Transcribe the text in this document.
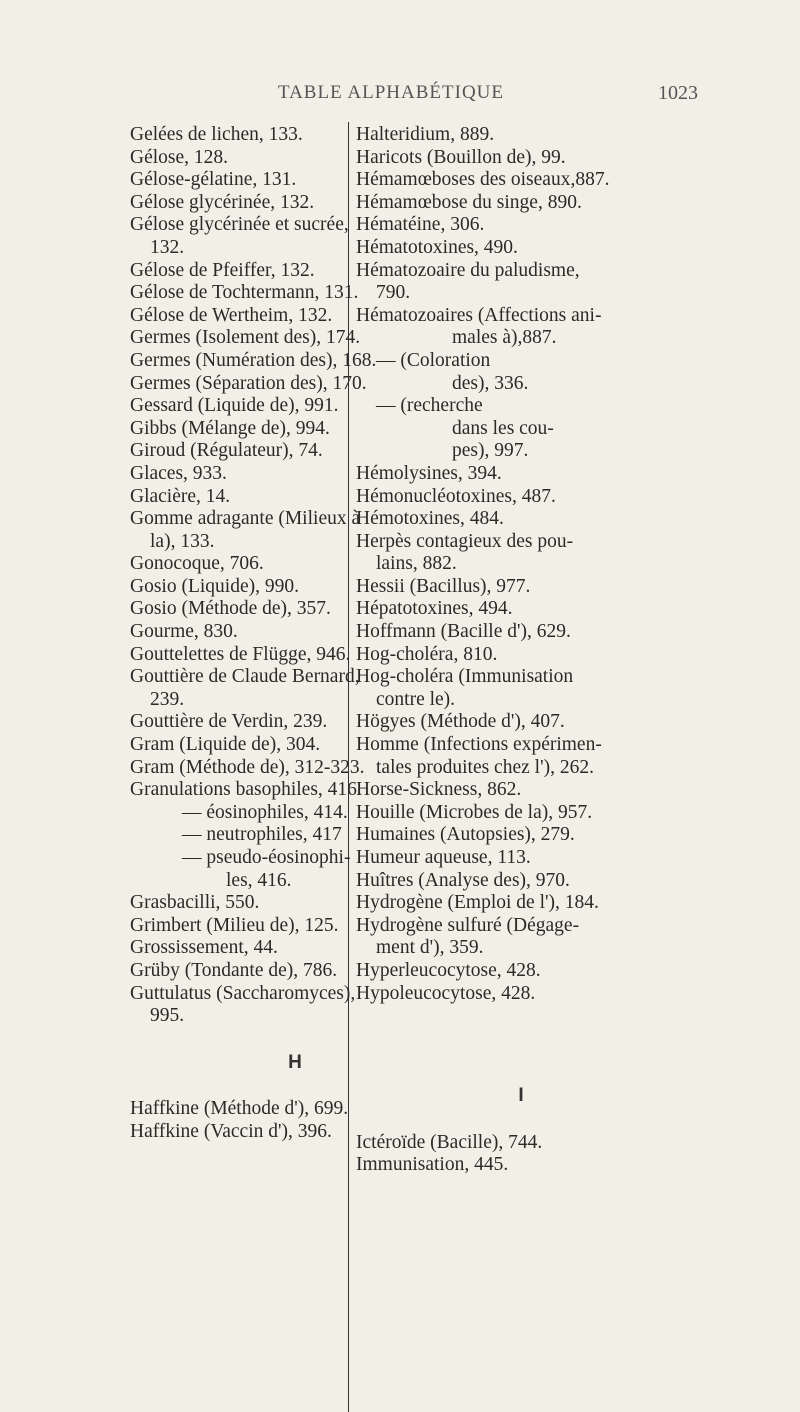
TABLE ALPHABÉTIQUE	1023
Gelées de lichen, 133.
Gélose, 128.
Gélose-gélatine, 131.
Gélose glycérinée, 132.
Gélose glycérinée et sucrée,
132.
Gélose de Pfeiffer, 132.
Gélose de Tochtermann, 131.
Gélose de Wertheim, 132.
Germes (Isolement des), 174.
Germes (Numération des), 168.
Germes (Séparation des), 170.
Gessard (Liquide de), 991.
Gibbs (Mélange de), 994.
Giroud (Régulateur), 74.
Glaces, 933.
Glacière, 14.
Gomme adragante (Milieux à
la), 133.
Gonocoque, 706.
Gosio (Liquide), 990.
Gosio (Méthode de), 357.
Gourme, 830.
Gouttelettes de Flügge, 946.
Gouttière de Claude Bernard,
239.
Gouttière de Verdin, 239.
Gram (Liquide de), 304.
Gram (Méthode de), 312-323.
Granulations basophiles, 416.
— éosinophiles, 414.
— neutrophiles, 417
— pseudo-éosinophi-
les, 416.
Grasbacilli, 550.
Grimbert (Milieu de), 125.
Grossissement, 44.
Grüby (Tondante de), 786.
Guttulatus (Saccharomyces),
995.
H
Haffkine (Méthode d'), 699.
Haffkine (Vaccin d'), 396.
Halteridium, 889.
Haricots (Bouillon de), 99.
Hémamœboses des oiseaux,887.
Hémamœbose du singe, 890.
Hématéine, 306.
Hématotoxines, 490.
Hématozoaire du paludisme,
790.
Hématozoaires (Affections ani-
males à),887.
— (Coloration
des), 336.
— (recherche
dans les cou-
pes), 997.
Hémolysines, 394.
Hémonucléotoxines, 487.
Hémotoxines, 484.
Herpès contagieux des pou-
lains, 882.
Hessii (Bacillus), 977.
Hépatotoxines, 494.
Hoffmann (Bacille d'), 629.
Hog-choléra, 810.
Hog-choléra (Immunisation
contre le).
Högyes (Méthode d'), 407.
Homme (Infections expérimen-
tales produites chez l'), 262.
Horse-Sickness, 862.
Houille (Microbes de la), 957.
Humaines (Autopsies), 279.
Humeur aqueuse, 113.
Huîtres (Analyse des), 970.
Hydrogène (Emploi de l'), 184.
Hydrogène sulfuré (Dégage-
ment d'), 359.
Hyperleucocytose, 428.
Hypoleucocytose, 428.
I
Ictéroïde (Bacille), 744.
Immunisation, 445.
